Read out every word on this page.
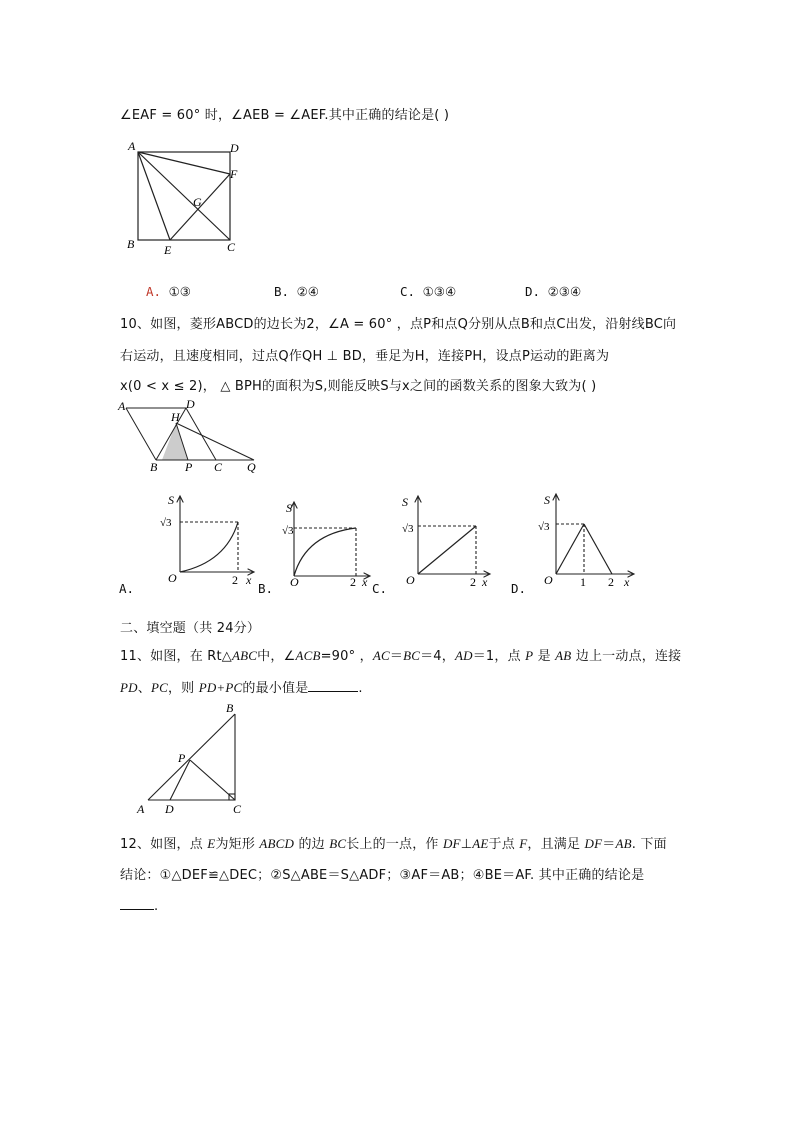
∠EAF = 60° 时，∠AEB = ∠AEF.其中正确的结论是( )
A	D
F
G
B E	C
A. ①③	B. ②④	C. ①③④	D. ②③④
10、如图，菱形ABCD的边长为2，∠A = 60° ，点P和点Q分别从点B和点C出发，沿射线BC向
右运动，且速度相同，过点Q作QH ⊥ BD，垂足为H，连接PH，设点P运动的距离为
x(0 < x ≤ 2)， △ BPH的面积为S,则能反映S与x之间的函数关系的图象大致为( )
A	D
H
B P C Q
S
O	2 x
√3
A.
S
O	2 x
√3
B.
S
O	2 x
√3
C.
S
O 1 2 x
√3
D.
二、填空题（共 24分）
11、如图，在 Rt△ABC中，∠ACB=90° ，AC＝BC＝4，AD＝1，点 P 是 AB 边上一动点，连接
PD、PC，则 PD+PC的最小值是	.
B
P
A D	C
12、如图，点 E为矩形 ABCD 的边 BC长上的一点，作 DF⊥AE于点 F，且满足 DF＝AB. 下面
结论：①△DEF≌△DEC；②S△ABE＝S△ADF；③AF＝AB；④BE＝AF. 其中正确的结论是
.
